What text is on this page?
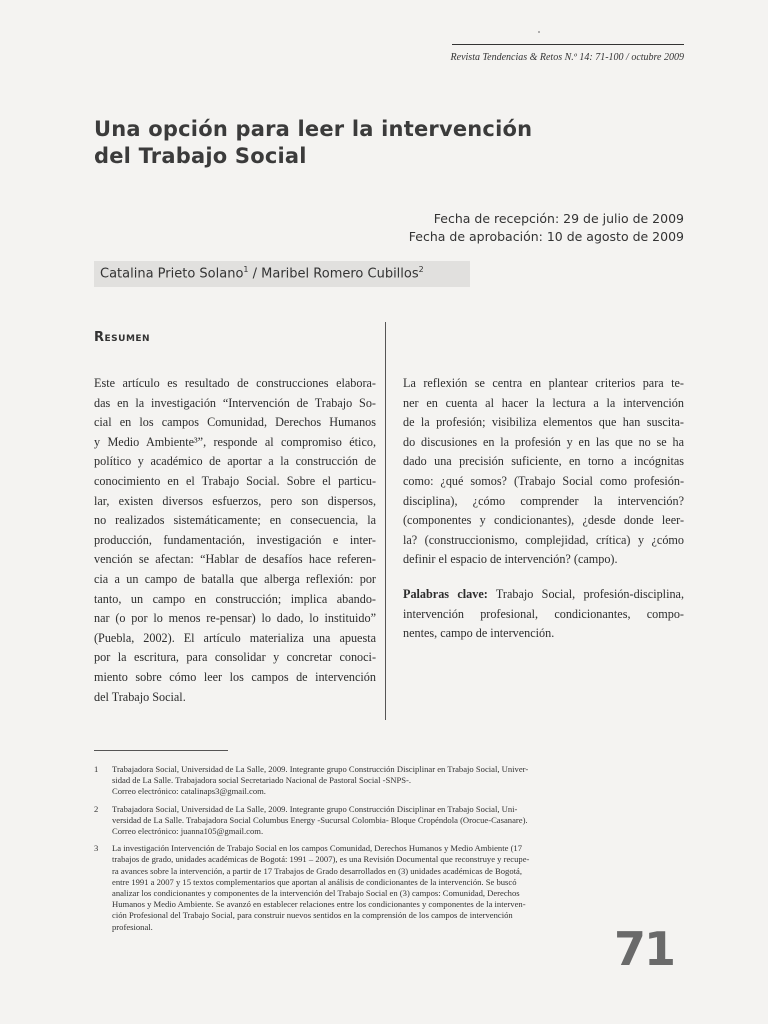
Revista Tendencias & Retos N.º 14: 71-100 / octubre 2009
Una opción para leer la intervención
del Trabajo Social
Fecha de recepción: 29 de julio de 2009
Fecha de aprobación: 10 de agosto de 2009
Catalina Prieto Solano$^1$ / Maribel Romero Cubillos$^2$
Resumen
Este artículo es resultado de construcciones elabora-
das en la investigación “Intervención de Trabajo So-
cial en los campos Comunidad, Derechos Humanos
y Medio Ambiente³”, responde al compromiso ético,
político y académico de aportar a la construcción de
conocimiento en el Trabajo Social. Sobre el particu-
lar, existen diversos esfuerzos, pero son dispersos,
no realizados sistemáticamente; en consecuencia, la
producción, fundamentación, investigación e inter-
vención se afectan: “Hablar de desafíos hace referen-
cia a un campo de batalla que alberga reflexión: por
tanto, un campo en construcción; implica abando-
nar (o por lo menos re-pensar) lo dado, lo instituido”
(Puebla, 2002). El artículo materializa una apuesta
por la escritura, para consolidar y concretar conoci-
miento sobre cómo leer los campos de intervención
del Trabajo Social.
La reflexión se centra en plantear criterios para te-
ner en cuenta al hacer la lectura a la intervención
de la profesión; visibiliza elementos que han suscita-
do discusiones en la profesión y en las que no se ha
dado una precisión suficiente, en torno a incógnitas
como: ¿qué somos? (Trabajo Social como profesión-
disciplina), ¿cómo comprender la intervención?
(componentes y condicionantes), ¿desde donde leer-
la? (construccionismo, complejidad, crítica) y ¿cómo
definir el espacio de intervención? (campo).
Palabras clave: Trabajo Social, profesión-disciplina,
intervención profesional, condicionantes, compo-
nentes, campo de intervención.
1 Trabajadora Social, Universidad de La Salle, 2009. Integrante grupo Construcción Disciplinar en Trabajo Social, Univer-
sidad de La Salle. Trabajadora social Secretariado Nacional de Pastoral Social -SNPS-.
Correo electrónico: catalinaps3@gmail.com.
2 Trabajadora Social, Universidad de La Salle, 2009. Integrante grupo Construcción Disciplinar en Trabajo Social, Uni-
versidad de La Salle. Trabajadora Social Columbus Energy -Sucursal Colombia- Bloque Cropéndola (Orocue-Casanare).
Correo electrónico: juanna105@gmail.com.
3 La investigación Intervención de Trabajo Social en los campos Comunidad, Derechos Humanos y Medio Ambiente (17
trabajos de grado, unidades académicas de Bogotá: 1991 – 2007), es una Revisión Documental que reconstruye y recupe-
ra avances sobre la intervención, a partir de 17 Trabajos de Grado desarrollados en (3) unidades académicas de Bogotá,
entre 1991 a 2007 y 15 textos complementarios que aportan al análisis de condicionantes de la intervención. Se buscó
analizar los condicionantes y componentes de la intervención del Trabajo Social en (3) campos: Comunidad, Derechos
Humanos y Medio Ambiente. Se avanzó en establecer relaciones entre los condicionantes y componentes de la interven-
ción Profesional del Trabajo Social, para construir nuevos sentidos en la comprensión de los campos de intervención
profesional.	71
